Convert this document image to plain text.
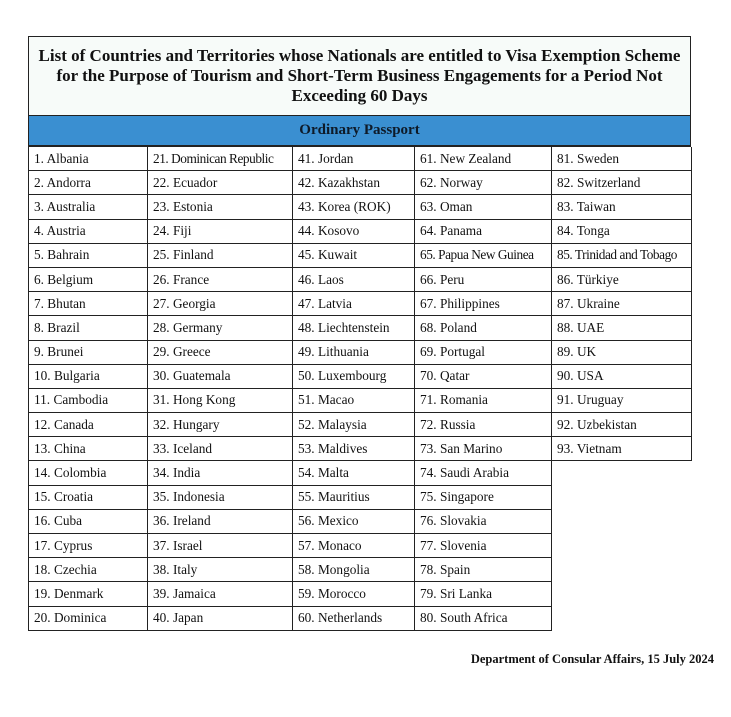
List of Countries and Territories whose Nationals are entitled to Visa Exemption Scheme for the Purpose of Tourism and Short-Term Business Engagements for a Period Not Exceeding 60 Days
Ordinary Passport
1. Albania	21. Dominican Republic	41. Jordan	61. New Zealand	81. Sweden
2. Andorra	22. Ecuador	42. Kazakhstan	62. Norway	82. Switzerland
3. Australia	23. Estonia	43. Korea (ROK)	63. Oman	83. Taiwan
4. Austria	24. Fiji	44. Kosovo	64. Panama	84. Tonga
5. Bahrain	25. Finland	45. Kuwait	65. Papua New Guinea	85. Trinidad and Tobago
6. Belgium	26. France	46. Laos	66. Peru	86. Türkiye
7. Bhutan	27. Georgia	47. Latvia	67. Philippines	87. Ukraine
8. Brazil	28. Germany	48. Liechtenstein	68. Poland	88. UAE
9. Brunei	29. Greece	49. Lithuania	69. Portugal	89. UK
10. Bulgaria	30. Guatemala	50. Luxembourg	70. Qatar	90. USA
11. Cambodia	31. Hong Kong	51. Macao	71. Romania	91. Uruguay
12. Canada	32. Hungary	52. Malaysia	72. Russia	92. Uzbekistan
13. China	33. Iceland	53. Maldives	73. San Marino	93. Vietnam
14. Colombia	34. India	54. Malta	74. Saudi Arabia
15. Croatia	35. Indonesia	55. Mauritius	75. Singapore
16. Cuba	36. Ireland	56. Mexico	76. Slovakia
17. Cyprus	37. Israel	57. Monaco	77. Slovenia
18. Czechia	38. Italy	58. Mongolia	78. Spain
19. Denmark	39. Jamaica	59. Morocco	79. Sri Lanka
20. Dominica	40. Japan	60. Netherlands	80. South Africa
Department of Consular Affairs, 15 July 2024
